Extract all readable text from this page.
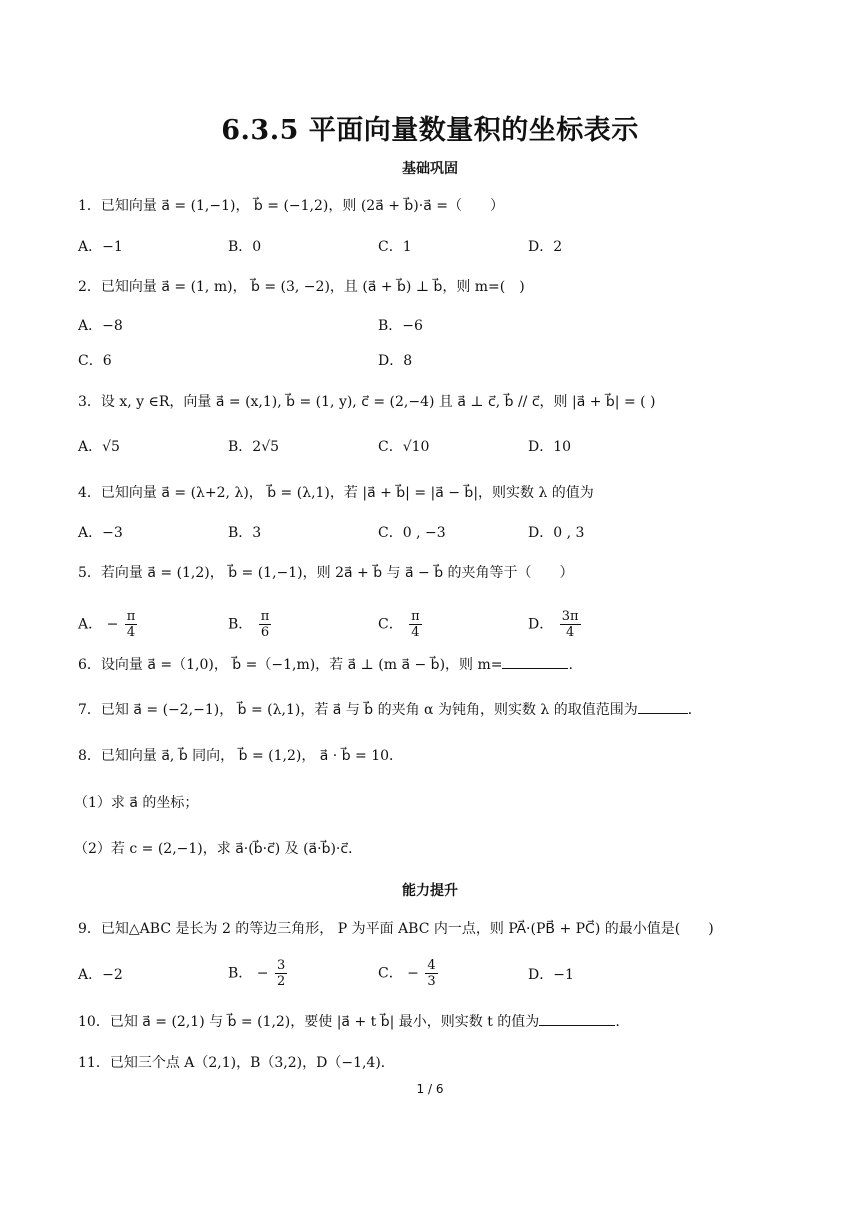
6.3.5 平面向量数量积的坐标表示
基础巩固
1．已知向量 a⃗ = (1,−1)， b⃗ = (−1,2)，则 (2a⃗ + b⃗)·a⃗ =（　　）
A．−1	B．0	C．1	D．2
2．已知向量 a⃗ = (1, m)， b⃗ = (3, −2)，且 (a⃗ + b⃗) ⊥ b⃗，则 m=(　)
A．−8	B．−6
C．6	D．8
3．设 x, y ∈R，向量 a⃗ = (x,1), b⃗ = (1, y), c⃗ = (2,−4) 且 a⃗ ⊥ c⃗, b⃗ // c⃗，则 |a⃗ + b⃗| = ( )
A．√5	B．2√5	C．√10	D．10
4．已知向量 a⃗ = (λ+2, λ)， b⃗ = (λ,1)，若 |a⃗ + b⃗| = |a⃗ − b⃗|，则实数 λ 的值为
A．−3	B．3	C．0 , −3	D．0 , 3
5．若向量 a⃗ = (1,2)， b⃗ = (1,−1)，则 2a⃗ + b⃗ 与 a⃗ − b⃗ 的夹角等于（　　）
A． − $\frac{\pi}{4}$	B． $\frac{\pi}{6}$	C． $\frac{\pi}{4}$	D． $\frac{3\pi}{4}$
6．设向量 a⃗ =（1,0)， b⃗ =（−1,m)，若 a⃗ ⊥ (m a⃗ − b⃗)，则 m=	.
7．已知 a⃗ = (−2,−1)， b⃗ = (λ,1)，若 a⃗ 与 b⃗ 的夹角 α 为钝角，则实数 λ 的取值范围为	．
8．已知向量 a⃗, b⃗ 同向， b⃗ = (1,2)， a⃗ · b⃗ = 10．
（1）求 a⃗ 的坐标；
（2）若 c = (2,−1)，求 a⃗·(b⃗·c⃗) 及 (a⃗·b⃗)·c⃗．
能力提升
9．已知△ABC 是长为 2 的等边三角形， P 为平面 ABC 内一点，则 PA⃗·(PB⃗ + PC⃗) 的最小值是(　　)
A．−2	B． − $\frac{3}{2}$	C． − $\frac{4}{3}$	D．−1
10．已知 a⃗ = (2,1) 与 b⃗ = (1,2)，要使 |a⃗ + t b⃗| 最小，则实数 t 的值为	.
11．已知三个点 A（2,1)，B（3,2)，D（−1,4)．
1 / 6
